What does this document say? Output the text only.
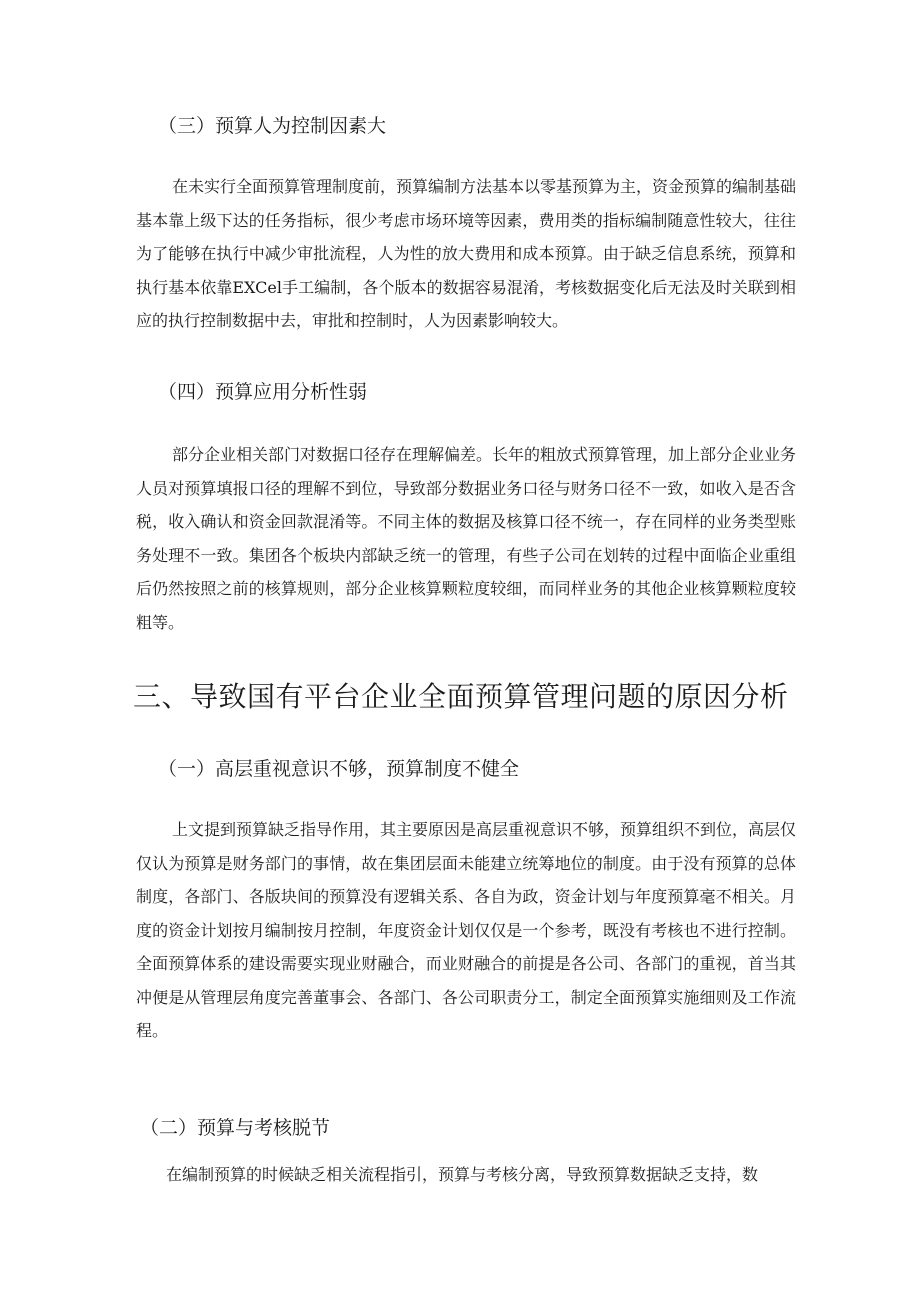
（三）预算人为控制因素大

在未实行全面预算管理制度前，预算编制方法基本以零基预算为主，资金预算的编制基础基本靠上级下达的任务指标，很少考虑市场环境等因素，费用类的指标编制随意性较大，往往为了能够在执行中减少审批流程，人为性的放大费用和成本预算。由于缺乏信息系统，预算和执行基本依靠EXCel手工编制，各个版本的数据容易混淆，考核数据变化后无法及时关联到相应的执行控制数据中去，审批和控制时，人为因素影响较大。

（四）预算应用分析性弱

部分企业相关部门对数据口径存在理解偏差。长年的粗放式预算管理，加上部分企业业务人员对预算填报口径的理解不到位，导致部分数据业务口径与财务口径不一致，如收入是否含税，收入确认和资金回款混淆等。不同主体的数据及核算口径不统一，存在同样的业务类型账务处理不一致。集团各个板块内部缺乏统一的管理，有些子公司在划转的过程中面临企业重组后仍然按照之前的核算规则，部分企业核算颗粒度较细，而同样业务的其他企业核算颗粒度较粗等。

三、导致国有平台企业全面预算管理问题的原因分析
（一）高层重视意识不够，预算制度不健全

上文提到预算缺乏指导作用，其主要原因是高层重视意识不够，预算组织不到位，高层仅仅认为预算是财务部门的事情，故在集团层面未能建立统筹地位的制度。由于没有预算的总体制度，各部门、各版块间的预算没有逻辑关系、各自为政，资金计划与年度预算毫不相关。月度的资金计划按月编制按月控制，年度资金计划仅仅是一个参考，既没有考核也不进行控制。全面预算体系的建设需要实现业财融合，而业财融合的前提是各公司、各部门的重视，首当其冲便是从管理层角度完善董事会、各部门、各公司职责分工，制定全面预算实施细则及工作流程。

（二）预算与考核脱节

在编制预算的时候缺乏相关流程指引，预算与考核分离，导致预算数据缺乏支持，数
